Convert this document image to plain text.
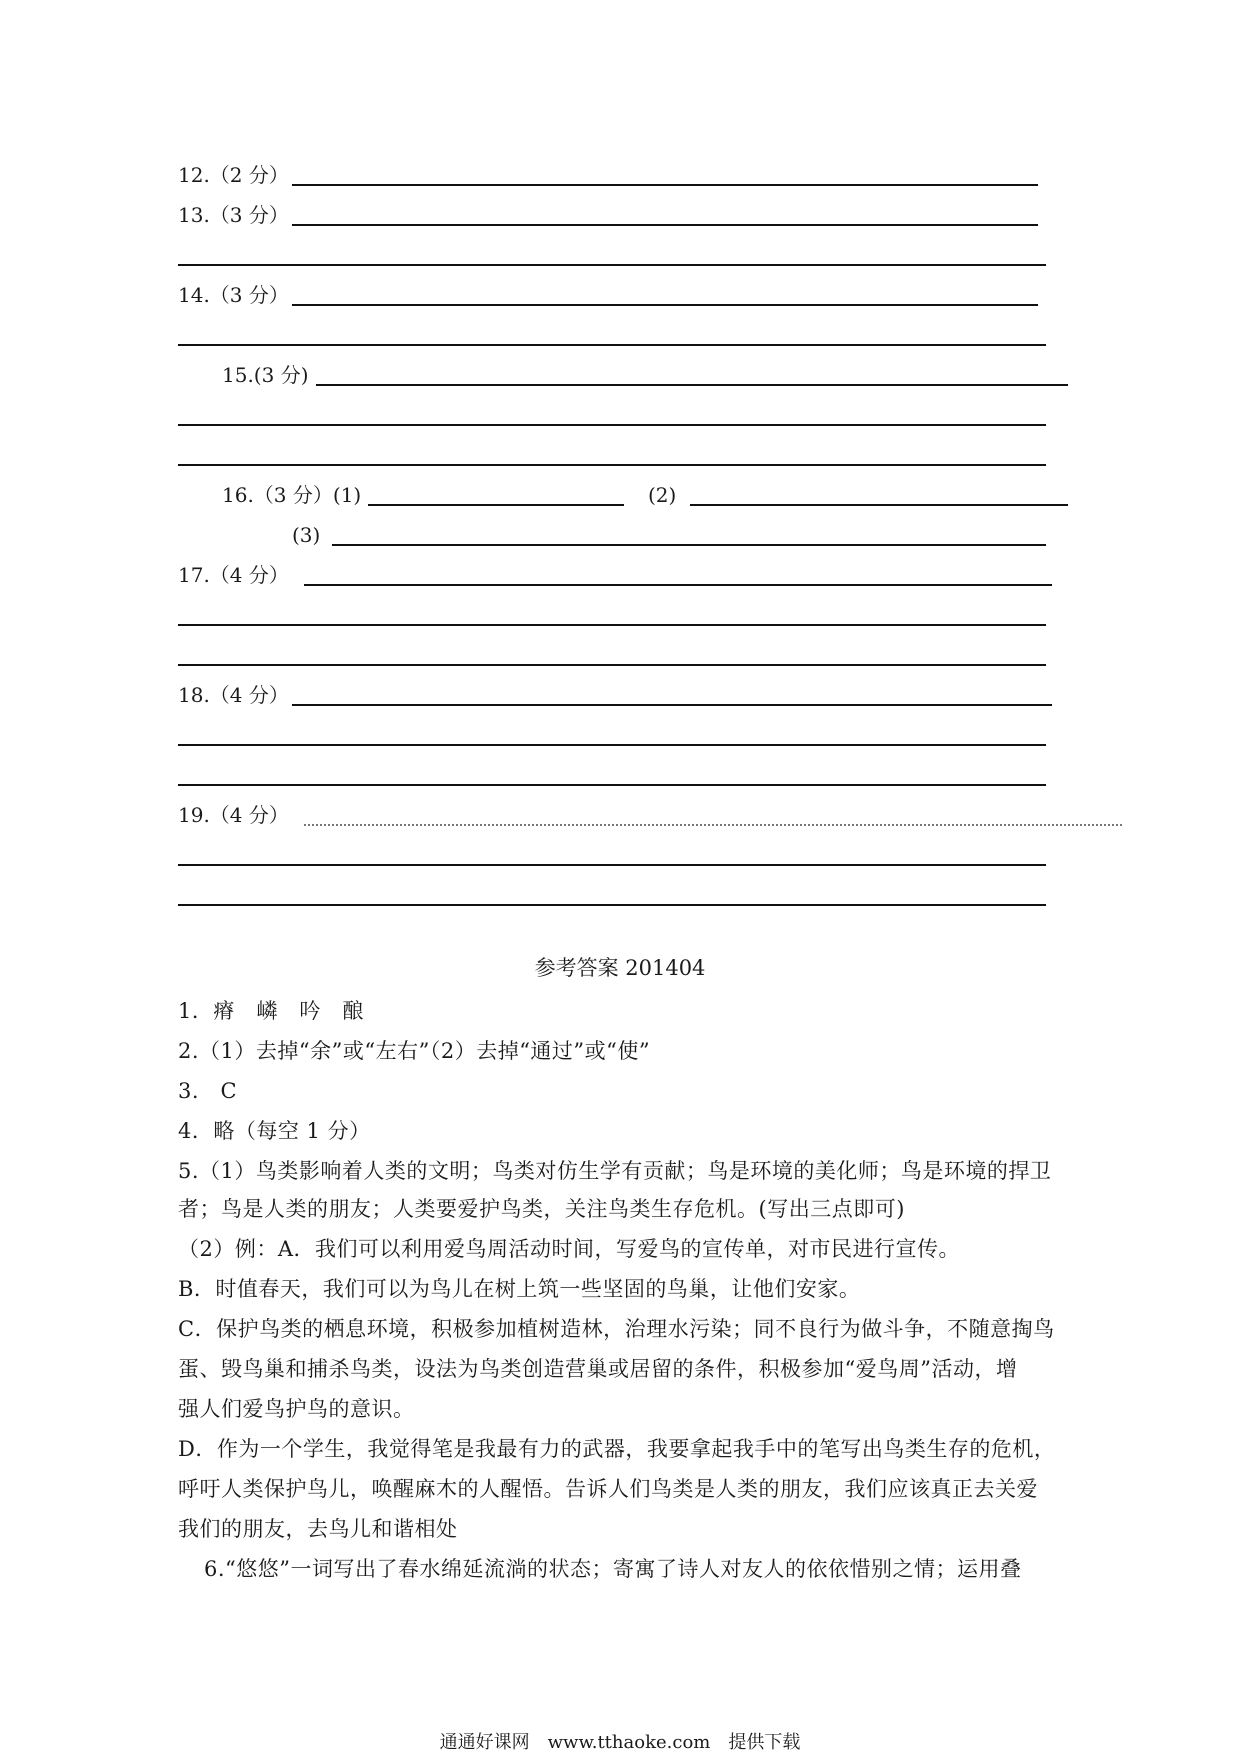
12.（2 分）
13.（3 分）
14.（3 分）
15.(3 分)
16.（3 分）(1)	(2)
(3)
17.（4 分）
18.（4 分）
19.（4 分）
参考答案 201404
1．瘠　嶙　吟　酿
2.（1）去掉“余”或“左右”（2）去掉“通过”或“使”
3.　C
4．略（每空 1 分）
5.（1）鸟类影响着人类的文明；鸟类对仿生学有贡献；鸟是环境的美化师；鸟是环境的捍卫
者；鸟是人类的朋友；人类要爱护鸟类，关注鸟类生存危机。(写出三点即可)
（2）例：A．我们可以利用爱鸟周活动时间，写爱鸟的宣传单，对市民进行宣传。
B．时值春天，我们可以为鸟儿在树上筑一些坚固的鸟巢，让他们安家。
C．保护鸟类的栖息环境，积极参加植树造林，治理水污染；同不良行为做斗争，不随意掏鸟
蛋、毁鸟巢和捕杀鸟类，设法为鸟类创造营巢或居留的条件，积极参加“爱鸟周”活动，增
强人们爱鸟护鸟的意识。
D．作为一个学生，我觉得笔是我最有力的武器，我要拿起我手中的笔写出鸟类生存的危机，
呼吁人类保护鸟儿，唤醒麻木的人醒悟。告诉人们鸟类是人类的朋友，我们应该真正去关爱
我们的朋友，去鸟儿和谐相处
6.“悠悠”一词写出了春水绵延流淌的状态；寄寓了诗人对友人的依依惜别之情；运用叠
通通好课网　www.tthaoke.com　提供下载
